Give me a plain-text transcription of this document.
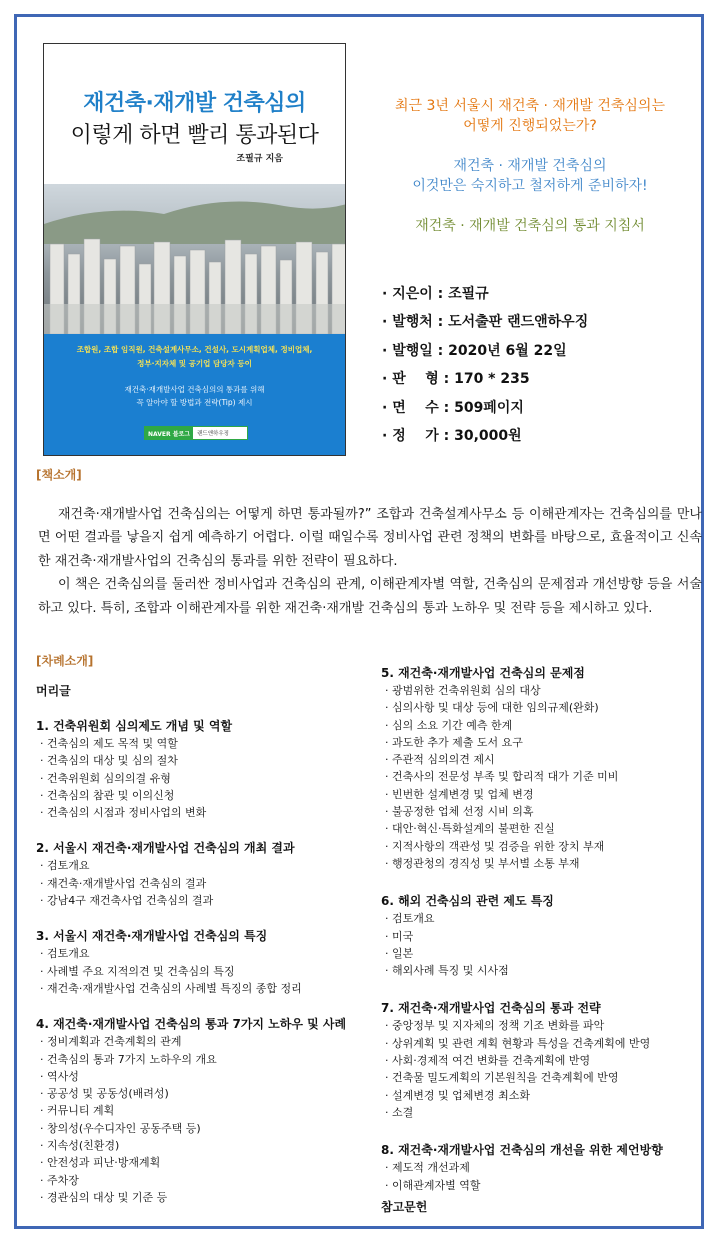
재건축·재개발 건축심의
이렇게 하면 빨리 통과된다
조필규 지음
조합원, 조합 임직원, 건축설계사무소, 건설사, 도시계획업체, 정비업체,
정부·지자체 및 공기업 담당자 등이
재건축·재개발사업 건축심의의 통과를 위해
꼭 알아야 할 방법과 전략(Tip) 제시
NAVER 블로그	랜드앤하우징
최근 3년 서울시 재건축 · 재개발 건축심의는
어떻게 진행되었는가?
재건축 · 재개발 건축심의
이것만은 숙지하고 철저하게 준비하자!
재건축 · 재개발 건축심의 통과 지침서
· 지은이 : 조필규
· 발행처 : 도서출판 랜드앤하우징
· 발행일 : 2020년 6월 22일
· 판    형 : 170 * 235
· 면    수 : 509페이지
· 정    가 : 30,000원
[책소개]

재건축·재개발사업 건축심의는 어떻게 하면 통과될까?” 조합과 건축설계사무소 등 이해관계자는 건축심의를 만나면 어떤 결과를 낳을지 쉽게 예측하기 어렵다. 이럴 때일수록 정비사업 관련 정책의 변화를 바탕으로, 효율적이고 신속한 재건축·재개발사업의 건축심의 통과를 위한 전략이 필요하다.

이 책은 건축심의를 둘러싼 정비사업과 건축심의 관계, 이해관계자별 역할, 건축심의 문제점과 개선방향 등을 서술하고 있다. 특히, 조합과 이해관계자를 위한 재건축·재개발 건축심의 통과 노하우 및 전략 등을 제시하고 있다.

[차례소개]
머리글
1. 건축위원회 심의제도 개념 및 역할
· 건축심의 제도 목적 및 역할
· 건축심의 대상 및 심의 절차
· 건축위원회 심의의결 유형
· 건축심의 참관 및 이의신청
· 건축심의 시점과 정비사업의 변화
2. 서울시 재건축·재개발사업 건축심의 개최 결과
· 검토개요
· 재건축·재개발사업 건축심의 결과
· 강남4구 재건축사업 건축심의 결과
3. 서울시 재건축·재개발사업 건축심의 특징
· 검토개요
· 사례별 주요 지적의견 및 건축심의 특징
· 재건축·재개발사업 건축심의 사례별 특징의 종합 정리
4. 재건축·재개발사업 건축심의 통과 7가지 노하우 및 사례
· 정비계획과 건축계획의 관계
· 건축심의 통과 7가지 노하우의 개요
· 역사성
· 공공성 및 공동성(배려성)
· 커뮤니티 계획
· 창의성(우수디자인 공동주택 등)
· 지속성(친환경)
· 안전성과 피난·방재계획
· 주차장
· 경관심의 대상 및 기준 등
5. 재건축·재개발사업 건축심의 문제점
· 광범위한 건축위원회 심의 대상
· 심의사항 및 대상 등에 대한 임의규제(완화)
· 심의 소요 기간 예측 한계
· 과도한 추가 제출 도서 요구
· 주관적 심의의견 제시
· 건축사의 전문성 부족 및 합리적 대가 기준 미비
· 빈번한 설계변경 및 업체 변경
· 불공정한 업체 선정 시비 의혹
· 대안·혁신·특화설계의 불편한 진실
· 지적사항의 객관성 및 검증을 위한 장치 부재
· 행정관청의 경직성 및 부서별 소통 부재
6. 해외 건축심의 관련 제도 특징
· 검토개요
· 미국
· 일본
· 해외사례 특징 및 시사점
7. 재건축·재개발사업 건축심의 통과 전략
· 중앙정부 및 지자체의 정책 기조 변화를 파악
· 상위계획 및 관련 계획 현황과 특성을 건축계획에 반영
· 사회·경제적 여건 변화를 건축계획에 반영
· 건축물 밀도계획의 기본원칙을 건축계획에 반영
· 설계변경 및 업체변경 최소화
· 소결
8. 재건축·재개발사업 건축심의 개선을 위한 제언방향
· 제도적 개선과제
· 이해관계자별 역할
참고문헌
